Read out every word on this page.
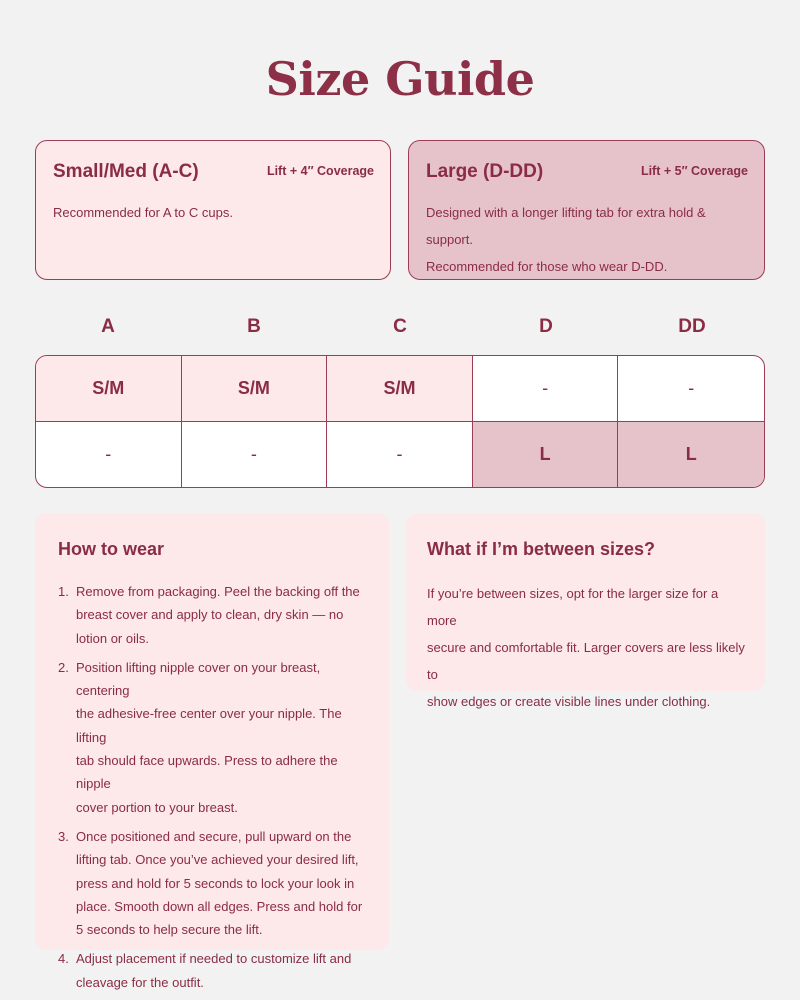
Size Guide
Small/Med (A-C)	Lift + 4″ Coverage
Recommended for A to C cups.
Large (D-DD)	Lift + 5″ Coverage
Designed with a longer lifting tab for extra hold & support.
Recommended for those who wear D-DD.
A	B	C	D	DD
S/M	S/M	S/M	-	-
-	-	-	L	L
How to wear
1. Remove from packaging. Peel the backing off the
breast cover and apply to clean, dry skin — no
lotion or oils.
2. Position lifting nipple cover on your breast, centering
the adhesive-free center over your nipple. The lifting
tab should face upwards. Press to adhere the nipple
cover portion to your breast.
3. Once positioned and secure, pull upward on the
lifting tab. Once you’ve achieved your desired lift,
press and hold for 5 seconds to lock your look in
place. Smooth down all edges. Press and hold for
5 seconds to help secure the lift.
4. Adjust placement if needed to customize lift and
cleavage for the outfit.
What if I’m between sizes?
If you’re between sizes, opt for the larger size for a more
secure and comfortable fit. Larger covers are less likely to
show edges or create visible lines under clothing.
